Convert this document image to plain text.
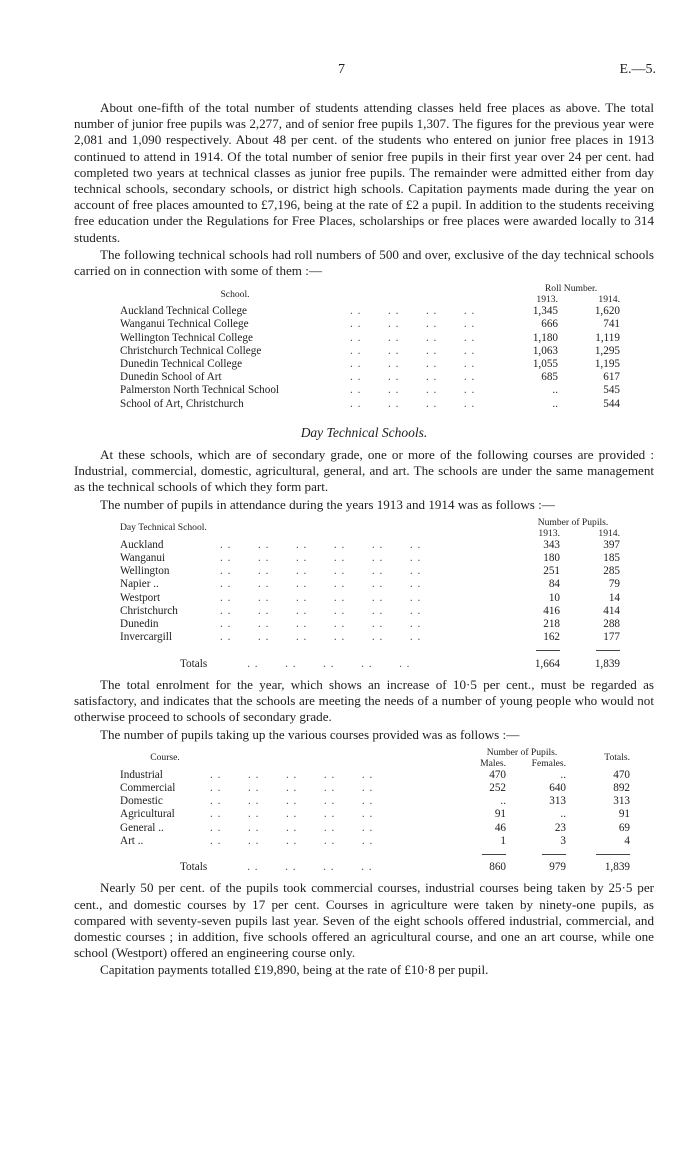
7	E.—5.

About one-fifth of the total number of students attending classes held free places as above. The total number of junior free pupils was 2,277, and of senior free pupils 1,307. The figures for the previous year were 2,081 and 1,090 respectively. About 48 per cent. of the students who entered on junior free places in 1913 continued to attend in 1914. Of the total number of senior free pupils in their first year over 24 per cent. had completed two years at technical classes as junior free pupils. The remainder were admitted either from day technical schools, secondary schools, or district high schools. Capitation payments made during the year on account of free places amounted to £7,196, being at the rate of £2 a pupil. In addition to the students receiving free education under the Regulations for Free Places, scholarships or free places were awarded locally to 314 students.

The following technical schools had roll numbers of 500 and over, exclusive of the day technical schools carried on in connection with some of them :—

School.		Roll Number.	
		1913.	1914.
Auckland Technical College	. .       . .       . .       . .	1,345	1,620
Wanganui Technical College	. .       . .       . .       . .	666	741
Wellington Technical College	. .       . .       . .       . .	1,180	1,119
Christchurch Technical College	. .       . .       . .       . .	1,063	1,295
Dunedin Technical College	. .       . .       . .       . .	1,055	1,195
Dunedin School of Art	. .       . .       . .       . .	685	617
Palmerston North Technical School	. .       . .       . .       . .	..	545
School of Art, Christchurch	. .       . .       . .       . .	..	544
Day Technical Schools.

At these schools, which are of secondary grade, one or more of the following courses are provided : Industrial, commercial, domestic, agricultural, general, and art. The schools are under the same management as the technical schools of which they form part.

The number of pupils in attendance during the years 1913 and 1914 was as follows :—

Day Technical School.		Number of Pupils.	
		1913.	1914.
Auckland	. .       . .       . .       . .       . .       . .	343	397
Wanganui	. .       . .       . .       . .       . .       . .	180	185
Wellington	. .       . .       . .       . .       . .       . .	251	285
Napier ..	. .       . .       . .       . .       . .       . .	84	79
Westport	. .       . .       . .       . .       . .       . .	10	14
Christchurch	. .       . .       . .       . .       . .       . .	416	414
Dunedin	. .       . .       . .       . .       . .       . .	218	288
Invercargill	. .       . .       . .       . .       . .       . .	162	177

Totals . .       . .       . .       . .       . .		1,664	1,839

The total enrolment for the year, which shows an increase of 10·5 per cent., must be regarded as satisfactory, and indicates that the schools are meeting the needs of a number of young people who would not otherwise proceed to schools of secondary grade.

The number of pupils taking up the various courses provided was as follows :—

Course.		Number of Pupils.		Totals.
		Males.	Females.	
Industrial	. .       . .       . .       . .       . .	470	..	470
Commercial	. .       . .       . .       . .       . .	252	640	892
Domestic	. .       . .       . .       . .       . .	..	313	313
Agricultural	. .       . .       . .       . .       . .	91	..	91
General ..	. .       . .       . .       . .       . .	46	23	69
Art ..	. .       . .       . .       . .       . .	1	3	4

Totals . .       . .       . .       . .		860	979	1,839

Nearly 50 per cent. of the pupils took commercial courses, industrial courses being taken by 25·5 per cent., and domestic courses by 17 per cent. Courses in agriculture were taken by ninety-one pupils, as compared with seventy-seven pupils last year. Seven of the eight schools offered industrial, commercial, and domestic courses ; in addition, five schools offered an agricultural course, and one an art course, while one school (Westport) offered an engineering course only.

Capitation payments totalled £19,890, being at the rate of £10·8 per pupil.
